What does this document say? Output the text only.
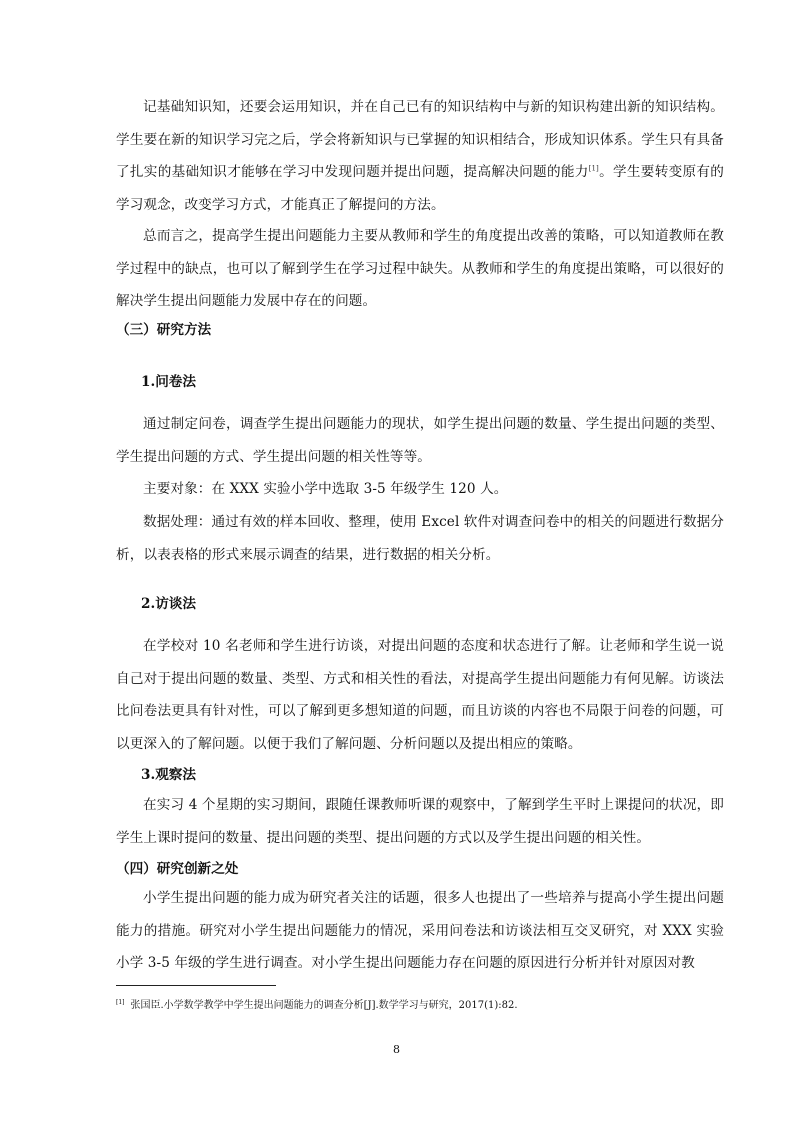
记基础知识知，还要会运用知识，并在自己已有的知识结构中与新的知识构建出新的知识结构。学生要在新的知识学习完之后，学会将新知识与已掌握的知识相结合，形成知识体系。学生只有具备了扎实的基础知识才能够在学习中发现问题并提出问题，提高解决问题的能力[1]。学生要转变原有的学习观念，改变学习方式，才能真正了解提问的方法。

总而言之，提高学生提出问题能力主要从教师和学生的角度提出改善的策略，可以知道教师在教学过程中的缺点，也可以了解到学生在学习过程中缺失。从教师和学生的角度提出策略，可以很好的解决学生提出问题能力发展中存在的问题。

（三）研究方法

1.问卷法

通过制定问卷，调查学生提出问题能力的现状，如学生提出问题的数量、学生提出问题的类型、学生提出问题的方式、学生提出问题的相关性等等。

主要对象：在 XXX 实验小学中选取 3-5 年级学生 120 人。

数据处理：通过有效的样本回收、整理，使用 Excel 软件对调查问卷中的相关的问题进行数据分析，以表表格的形式来展示调查的结果，进行数据的相关分析。

2.访谈法

在学校对 10 名老师和学生进行访谈，对提出问题的态度和状态进行了解。让老师和学生说一说自己对于提出问题的数量、类型、方式和相关性的看法，对提高学生提出问题能力有何见解。访谈法比问卷法更具有针对性，可以了解到更多想知道的问题，而且访谈的内容也不局限于问卷的问题，可以更深入的了解问题。以便于我们了解问题、分析问题以及提出相应的策略。

3.观察法

在实习 4 个星期的实习期间，跟随任课教师听课的观察中，了解到学生平时上课提问的状况，即学生上课时提问的数量、提出问题的类型、提出问题的方式以及学生提出问题的相关性。

（四）研究创新之处

小学生提出问题的能力成为研究者关注的话题，很多人也提出了一些培养与提高小学生提出问题能力的措施。研究对小学生提出问题能力的情况，采用问卷法和访谈法相互交叉研究，对 XXX 实验小学 3-5 年级的学生进行调查。对小学生提出问题能力存在问题的原因进行分析并针对原因对教

[1] 张国臣.小学数学教学中学生提出问题能力的调查分析[J].数学学习与研究，2017(1):82.

8
